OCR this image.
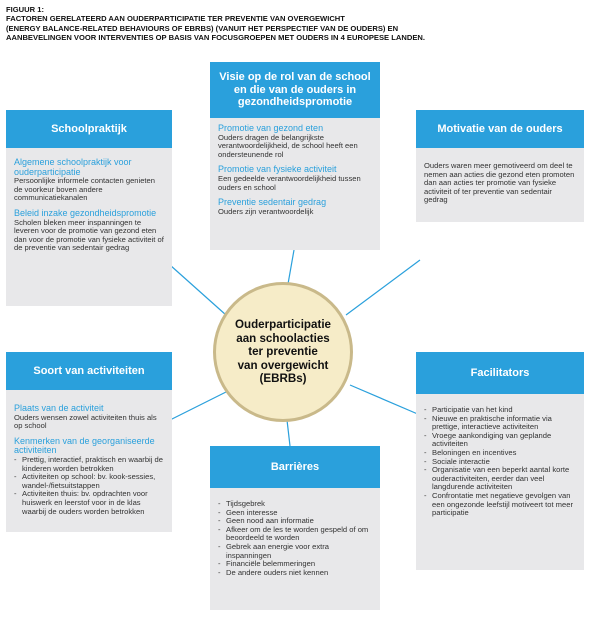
FIGUUR 1:
FACTOREN GERELATEERD AAN OUDERPARTICIPATIE TER PREVENTIE VAN OVERGEWICHT
(ENERGY BALANCE-RELATED BEHAVIOURS OF EBRBS) (VANUIT HET PERSPECTIEF VAN DE OUDERS) EN
AANBEVELINGEN VOOR INTERVENTIES OP BASIS VAN FOCUSGROEPEN MET OUDERS IN 4 EUROPESE LANDEN.
Visie op de rol van de school
en die van de ouders in
gezondheidspromotie
Promotie van gezond eten
Ouders dragen de belangrijkste verantwoordelijkheid, de school heeft een ondersteunende rol
Promotie van fysieke activiteit
Een gedeelde verantwoordelijkheid tussen ouders en school
Preventie sedentair gedrag
Ouders zijn verantwoordelijk
Schoolpraktijk
Algemene schoolpraktijk voor ouderparticipatie
Persoonlijke informele contacten genieten de voorkeur boven andere communicatiekanalen
Beleid inzake gezondheidspromotie
Scholen bleken meer inspanningen te leveren voor de promotie van gezond eten dan voor de promotie van fysieke activiteit of de preventie van sedentair gedrag
Motivatie van de ouders
Ouders waren meer gemotiveerd om deel te nemen aan acties die gezond eten promoten dan aan acties ter promotie van fysieke activiteit of ter preventie van sedentair gedrag
Soort van activiteiten
Plaats van de activiteit
Ouders wensen zowel activiteiten thuis als op school
Kenmerken van de georganiseerde activiteiten
- Prettig, interactief, praktisch en waarbij de kinderen worden betrokken
- Activiteiten op school: bv. kook-sessies, wandel-/fietsuitstappen
- Activiteiten thuis: bv. opdrachten voor huiswerk en leerstof voor in de klas waarbij de ouders worden betrokken
Facilitators
- Participatie van het kind
- Nieuwe en praktische informatie via prettige, interactieve activiteiten
- Vroege aankondiging van geplande activiteiten
- Beloningen en incentives
- Sociale interactie
- Organisatie van een beperkt aantal korte ouderactiviteiten, eerder dan veel langdurende activiteiten
- Confrontatie met negatieve gevolgen van een ongezonde leefstijl motiveert tot meer participatie
Barrières
- Tijdsgebrek
- Geen interesse
- Geen nood aan informatie
- Afkeer om de les te worden gespeld of om beoordeeld te worden
- Gebrek aan energie voor extra inspanningen
- Financiële belemmeringen
- De andere ouders niet kennen
Ouderparticipatie
aan schoolacties
ter preventie
van overgewicht
(EBRBs)
